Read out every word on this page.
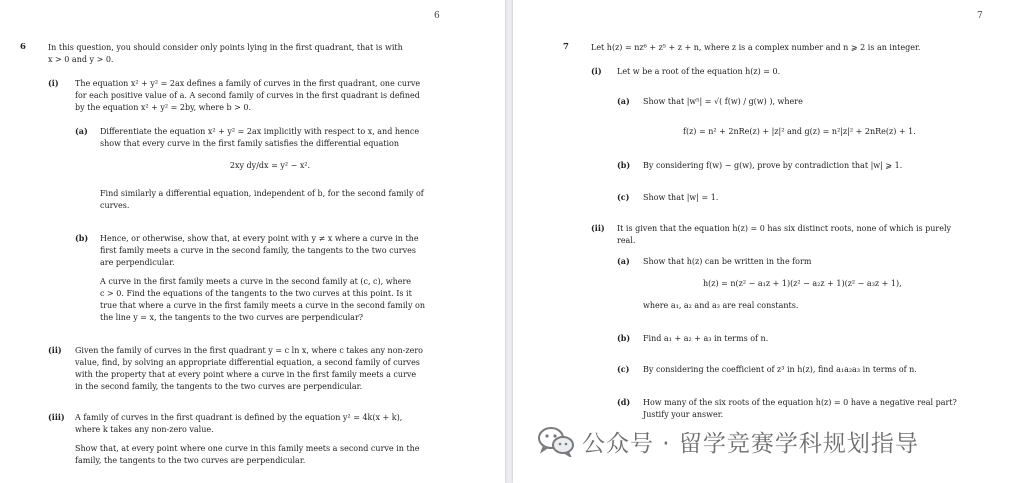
6
6	In this question, you should consider only points lying in the first quadrant, that is with
x > 0 and y > 0.
(i) The equation x² + y² = 2ax defines a family of curves in the first quadrant, one curve
for each positive value of a. A second family of curves in the first quadrant is defined
by the equation x² + y² = 2by, where b > 0.
(a) Differentiate the equation x² + y² = 2ax implicitly with respect to x, and hence
show that every curve in the first family satisfies the differential equation
2xy dy/dx = y² − x².
Find similarly a differential equation, independent of b, for the second family of
curves.
(b) Hence, or otherwise, show that, at every point with y ≠ x where a curve in the
first family meets a curve in the second family, the tangents to the two curves
are perpendicular.
A curve in the first family meets a curve in the second family at (c, c), where
c > 0. Find the equations of the tangents to the two curves at this point. Is it
true that where a curve in the first family meets a curve in the second family on
the line y = x, the tangents to the two curves are perpendicular?
(ii) Given the family of curves in the first quadrant y = c ln x, where c takes any non-zero
value, find, by solving an appropriate differential equation, a second family of curves
with the property that at every point where a curve in the first family meets a curve
in the second family, the tangents to the two curves are perpendicular.
(iii) A family of curves in the first quadrant is defined by the equation y² = 4k(x + k),
where k takes any non-zero value.
Show that, at every point where one curve in this family meets a second curve in the
family, the tangents to the two curves are perpendicular.
7
7	Let h(z) = nz⁶ + z⁵ + z + n, where z is a complex number and n ⩾ 2 is an integer.
(i) Let w be a root of the equation h(z) = 0.
(a) Show that |w⁵| = √( f(w) / g(w) ), where
f(z) = n² + 2nRe(z) + |z|² and g(z) = n²|z|² + 2nRe(z) + 1.
(b) By considering f(w) − g(w), prove by contradiction that |w| ⩾ 1.
(c) Show that |w| = 1.
(ii) It is given that the equation h(z) = 0 has six distinct roots, none of which is purely
real.
(a) Show that h(z) can be written in the form
h(z) = n(z² − a₁z + 1)(z² − a₂z + 1)(z² − a₃z + 1),
where a₁, a₂ and a₃ are real constants.
(b) Find a₁ + a₂ + a₃ in terms of n.
(c) By considering the coefficient of z³ in h(z), find a₁a₂a₃ in terms of n.
(d) How many of the six roots of the equation h(z) = 0 have a negative real part?
Justify your answer.
公众号 · 留学竞赛学科规划指导
